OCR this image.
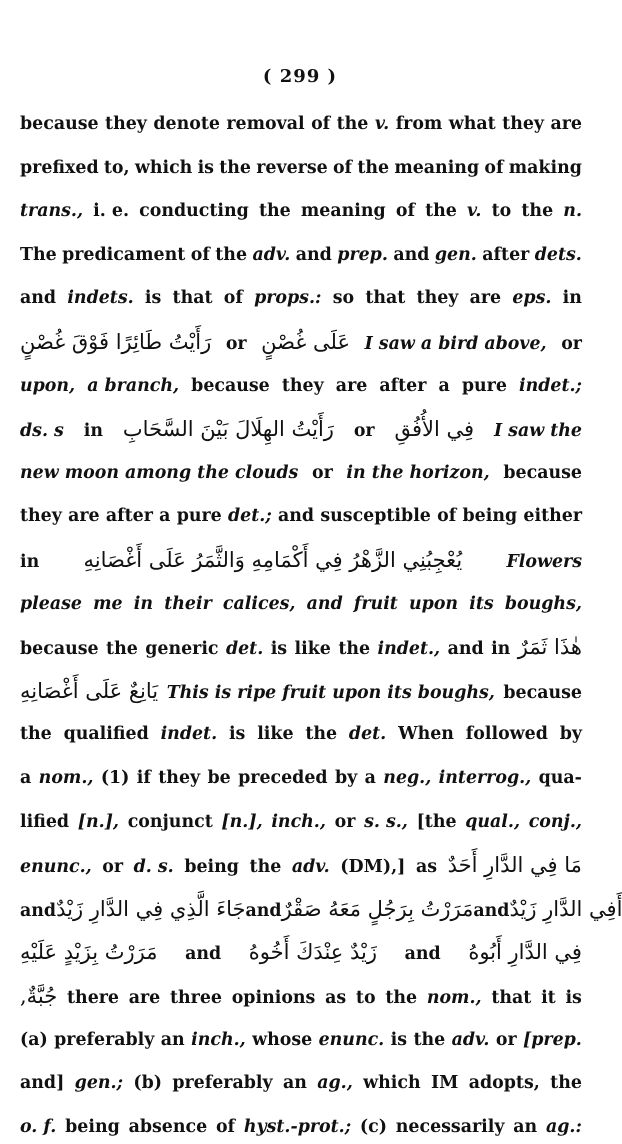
( 299 )
because they denote removal of the v. from what they are
prefixed to, which is the reverse of the meaning of making
trans., i. e. conducting the meaning of the v. to the n.
The predicament of the adv. and prep. and gen. after dets.
and indets. is that of props.: so that they are eps. in
رَأَيْتُ طَائِرًا فَوْقَ غُصْنٍ or عَلَى غُصْنٍ I saw a bird above, or
upon, a branch, because they are after a pure indet.;
ds. s in رَأَيْتُ الهِلَالَ بَيْنَ السَّحَابِ or فِي الأُفُقِ I saw the
new moon among the clouds or in the horizon, because
they are after a pure det.; and susceptible of being either
in يُعْجِبُنِي الزَّهْرُ فِي أَكْمَامِهِ وَالثَّمَرُ عَلَى أَغْصَانِهِ	Flowers
please me in their calices, and fruit upon its boughs,
because the generic det. is like the indet., and in هٰذَا ثَمَرٌ
يَانِعٌ عَلَى أَغْصَانِهِ This is ripe fruit upon its boughs, because
the qualified indet. is like the det. When followed by
a nom., (1) if they be preceded by a neg., interrog., qua-
lified [n.], conjunct [n.], inch., or s. s., [the qual., conj.,
enunc., or d. s. being the adv. (DM),] as مَا فِي الدَّارِ أَحَدٌ
and جَاءَ الَّذِي فِي الدَّارِ زَيْدٌ and مَرَرْتُ بِرَجُلٍ مَعَهُ صَقْرٌ and أَفِي الدَّارِ زَيْدٌ
مَرَرْتُ بِزَيْدٍ عَلَيْهِ and زَيْدٌ عِنْدَكَ أَخُوهُ and فِي الدَّارِ أَبُوهُ
جُبَّةٌ, there are three opinions as to the nom., that it is
(a) preferably an inch., whose enunc. is the adv. or [prep.
and] gen.; (b) preferably an ag., which IM adopts, the
o. f. being absence of hyst.-prot.; (c) necessarily an ag.:
